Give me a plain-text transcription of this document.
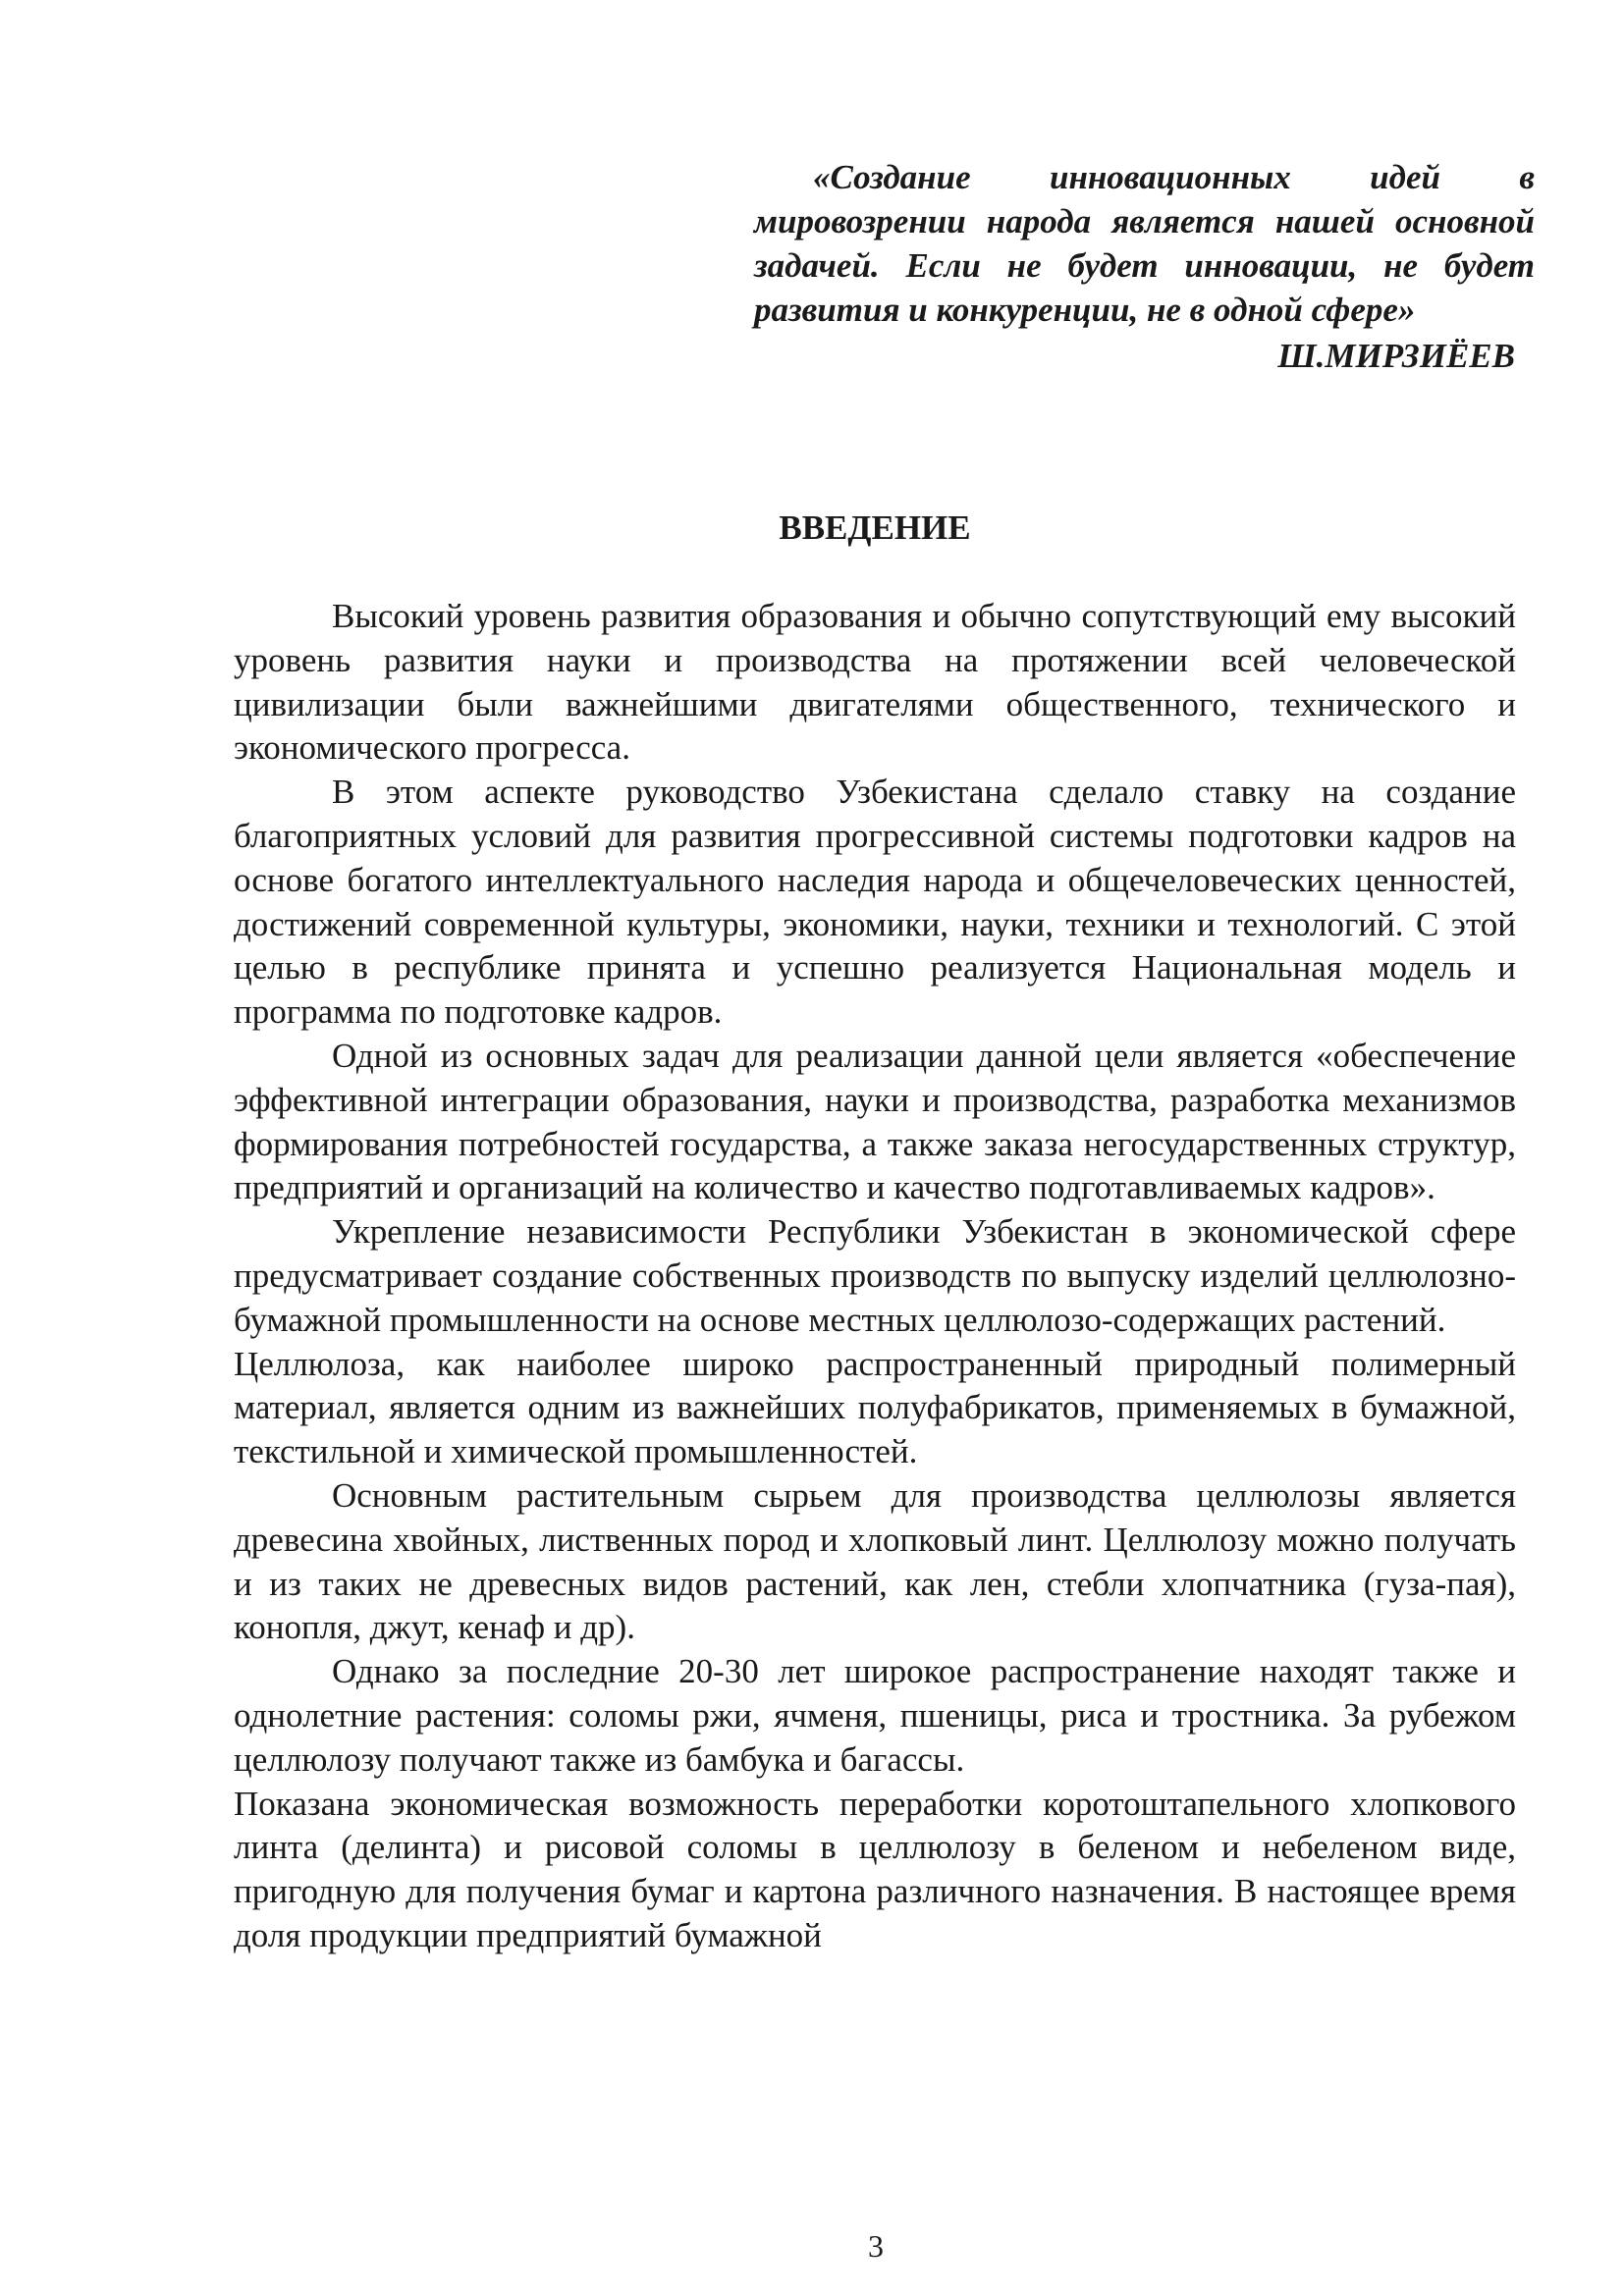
«Создание инновационных идей в мировозрении народа является нашей основной задачей. Если не будет инновации, не будет развития и конкуренции, не в одной сфере»

Ш.МИРЗИЁЕВ

ВВЕДЕНИЕ

Высокий уровень развития образования и обычно сопутствующий ему высокий уровень развития науки и производства на протяжении всей человеческой цивилизации были важнейшими двигателями общественного, технического и экономического прогресса.

В этом аспекте руководство Узбекистана сделало ставку на создание благоприятных условий для развития прогрессивной системы подготовки кадров на основе богатого интеллектуального наследия народа и общечеловеческих ценностей, достижений современной культуры, экономики, науки, техники и технологий. С этой целью в республике принята и успешно реализуется Национальная модель и программа по подготовке кадров.

Одной из основных задач для реализации данной цели является «обеспечение эффективной интеграции образования, науки и производства, разработка механизмов формирования потребностей государства, а также заказа негосударственных структур, предприятий и организаций на количество и качество подготавливаемых кадров».

Укрепление независимости Республики Узбекистан в экономической сфере предусматривает создание собственных производств по выпуску изделий целлюлозно-бумажной промышленности на основе местных целлюлозо-содержащих растений.

Целлюлоза, как наиболее широко распространенный природный полимерный материал, является одним из важнейших полуфабрикатов, применяемых в бумажной, текстильной и химической промышленностей.

Основным растительным сырьем для производства целлюлозы является древесина хвойных, лиственных пород и хлопковый линт. Целлюлозу можно получать и из таких не древесных видов растений, как лен, стебли хлопчатника (гуза-пая), конопля, джут, кенаф и др).

Однако за последние 20-30 лет широкое распространение находят также и однолетние растения: соломы ржи, ячменя, пшеницы, риса и тростника. За рубежом целлюлозу получают также из бамбука и багассы.

Показана экономическая возможность переработки коротоштапельного хлопкового линта (делинта) и рисовой соломы в целлюлозу в беленом и небеленом виде, пригодную для получения бумаг и картона различного назначения. В настоящее время доля продукции предприятий бумажной

3
